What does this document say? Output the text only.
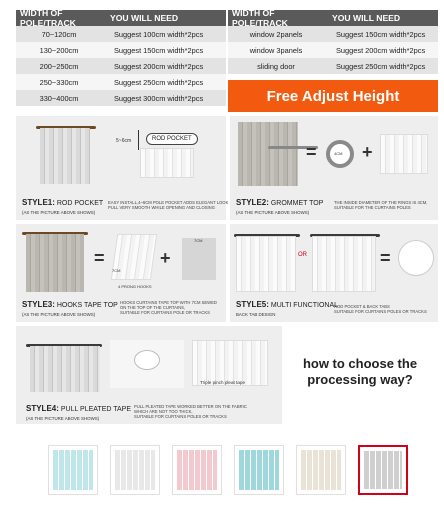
WIDTH OF POLE/TRACK	YOU WILL NEED
70~120cm	Suggest 100cm width*2pcs
130~200cm	Suggest 150cm width*2pcs
200~250cm	Suggest 200cm width*2pcs
250~330cm	Suggest 250cm width*2pcs
330~400cm	Suggest 300cm width*2pcs
WIDTH OF POLE/TRACK	YOU WILL NEED
window 2panels	Suggest 150cm width*2pcs
window 3panels	Suggest 200cm width*2pcs
sliding door	Suggest 250cm width*2pcs
Free Adjust Height
5~6cm	ROD POCKET
STYLE1: ROD POCKET
(AS THE PICTURE ABOVE SHOWS)
EASY INSTALL,4~6CM POLE POCKET ADDS ELEGANT LOOK
PULL VERY SMOOTH WHILE OPENING AND CLOSING
=	4CM +
STYLE2: GROMMET TOP
(AS THE PICTURE ABOVE SHOWS)
THE INSIDE DIAMETER OF THE RINGS IS 4CM,
SUITABLE FOR THE CURTAINS POLES
=
7CM
4 PRONG HOOKS
+
7CM
STYLE3: HOOKS TAPE TOP
(AS THE PICTURE ABOVE SHOWS)
HOOKS CURTAINS TAPE TOP WITH 7CM SEWED
ON THE TOP OF THE CURTAINS,
SUITABLE FOR CURTAINS POLE OR TRACKS
OR	=
STYLE5: MULTI FUNCTIONAL
BACK TAB DESIGN
ROD POCKET & BACK TABS
SUITABLE FOR CURTAINS POLES OR TRACKS
Triple pinch pleat tape
STYLE4: PULL PLEATED TAPE
(AS THE PICTURE ABOVE SHOWS)
PULL PLEATED TAPE WORKED BETTER ON THE FABRIC
WHICH ARE NOT TOO THICK,
SUITABLE FOR CURTAINS POLES OR TRACKS
how to choose the processing way?
